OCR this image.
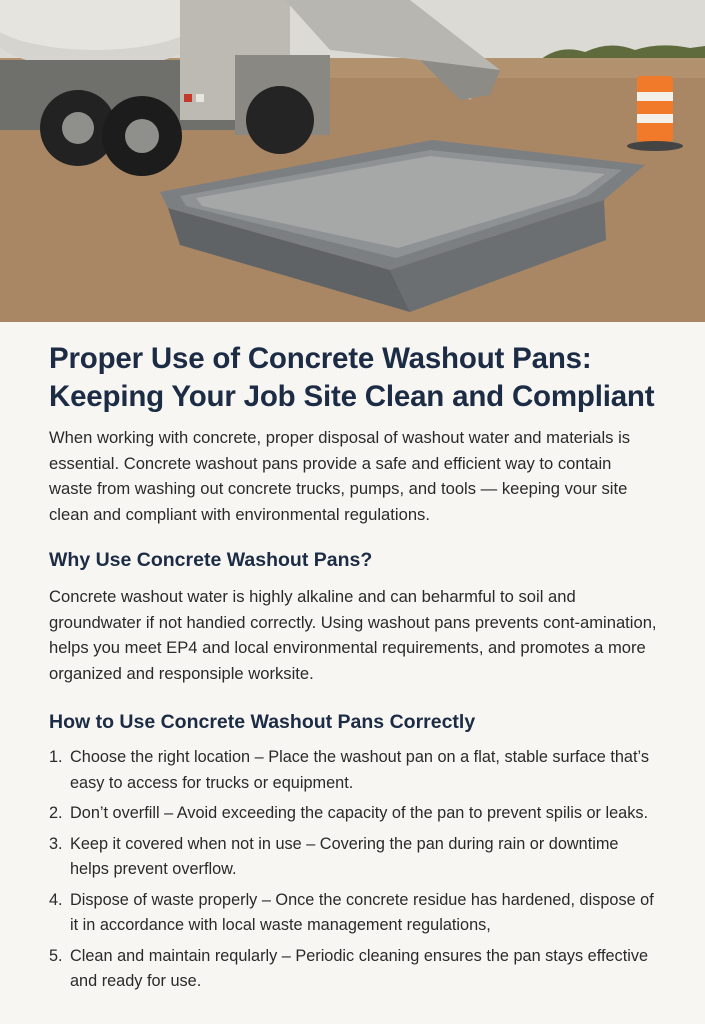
Proper Use of Concrete Washout Pans:
Keeping Your Job Site Clean and Compliant

When working with concrete, proper disposal of washout water and materials is essential. Concrete washout pans provide a safe and efficient way to contain waste from washing out concrete trucks, pumps, and tools — keeping vour site clean and compliant with environmental regulations.

Why Use Concrete Washout Pans?

Concrete washout water is highly alkaline and can beharmful to soil and groundwater if not handied correctly. Using washout pans prevents cont-amination, helps you meet EP4 and local environmental requirements, and promotes a more organized and responsiple worksite.

How to Use Concrete Washout Pans Correctly
1. Choose the right location – Place the washout pan on a flat, stable surface that’s easy to access for trucks or equipment.
2. Don’t overfill – Avoid exceeding the capacity of the pan to prevent spilis or leaks.
3. Keep it covered when not in use – Covering the pan during rain or downtime helps prevent overflow.
4. Dispose of waste properly – Once the concrete residue has hardened, dispose of it in accordance with local waste management regulations,
5. Clean and maintain reqularly – Periodic cleaning ensures the pan stays effective and ready for use.
